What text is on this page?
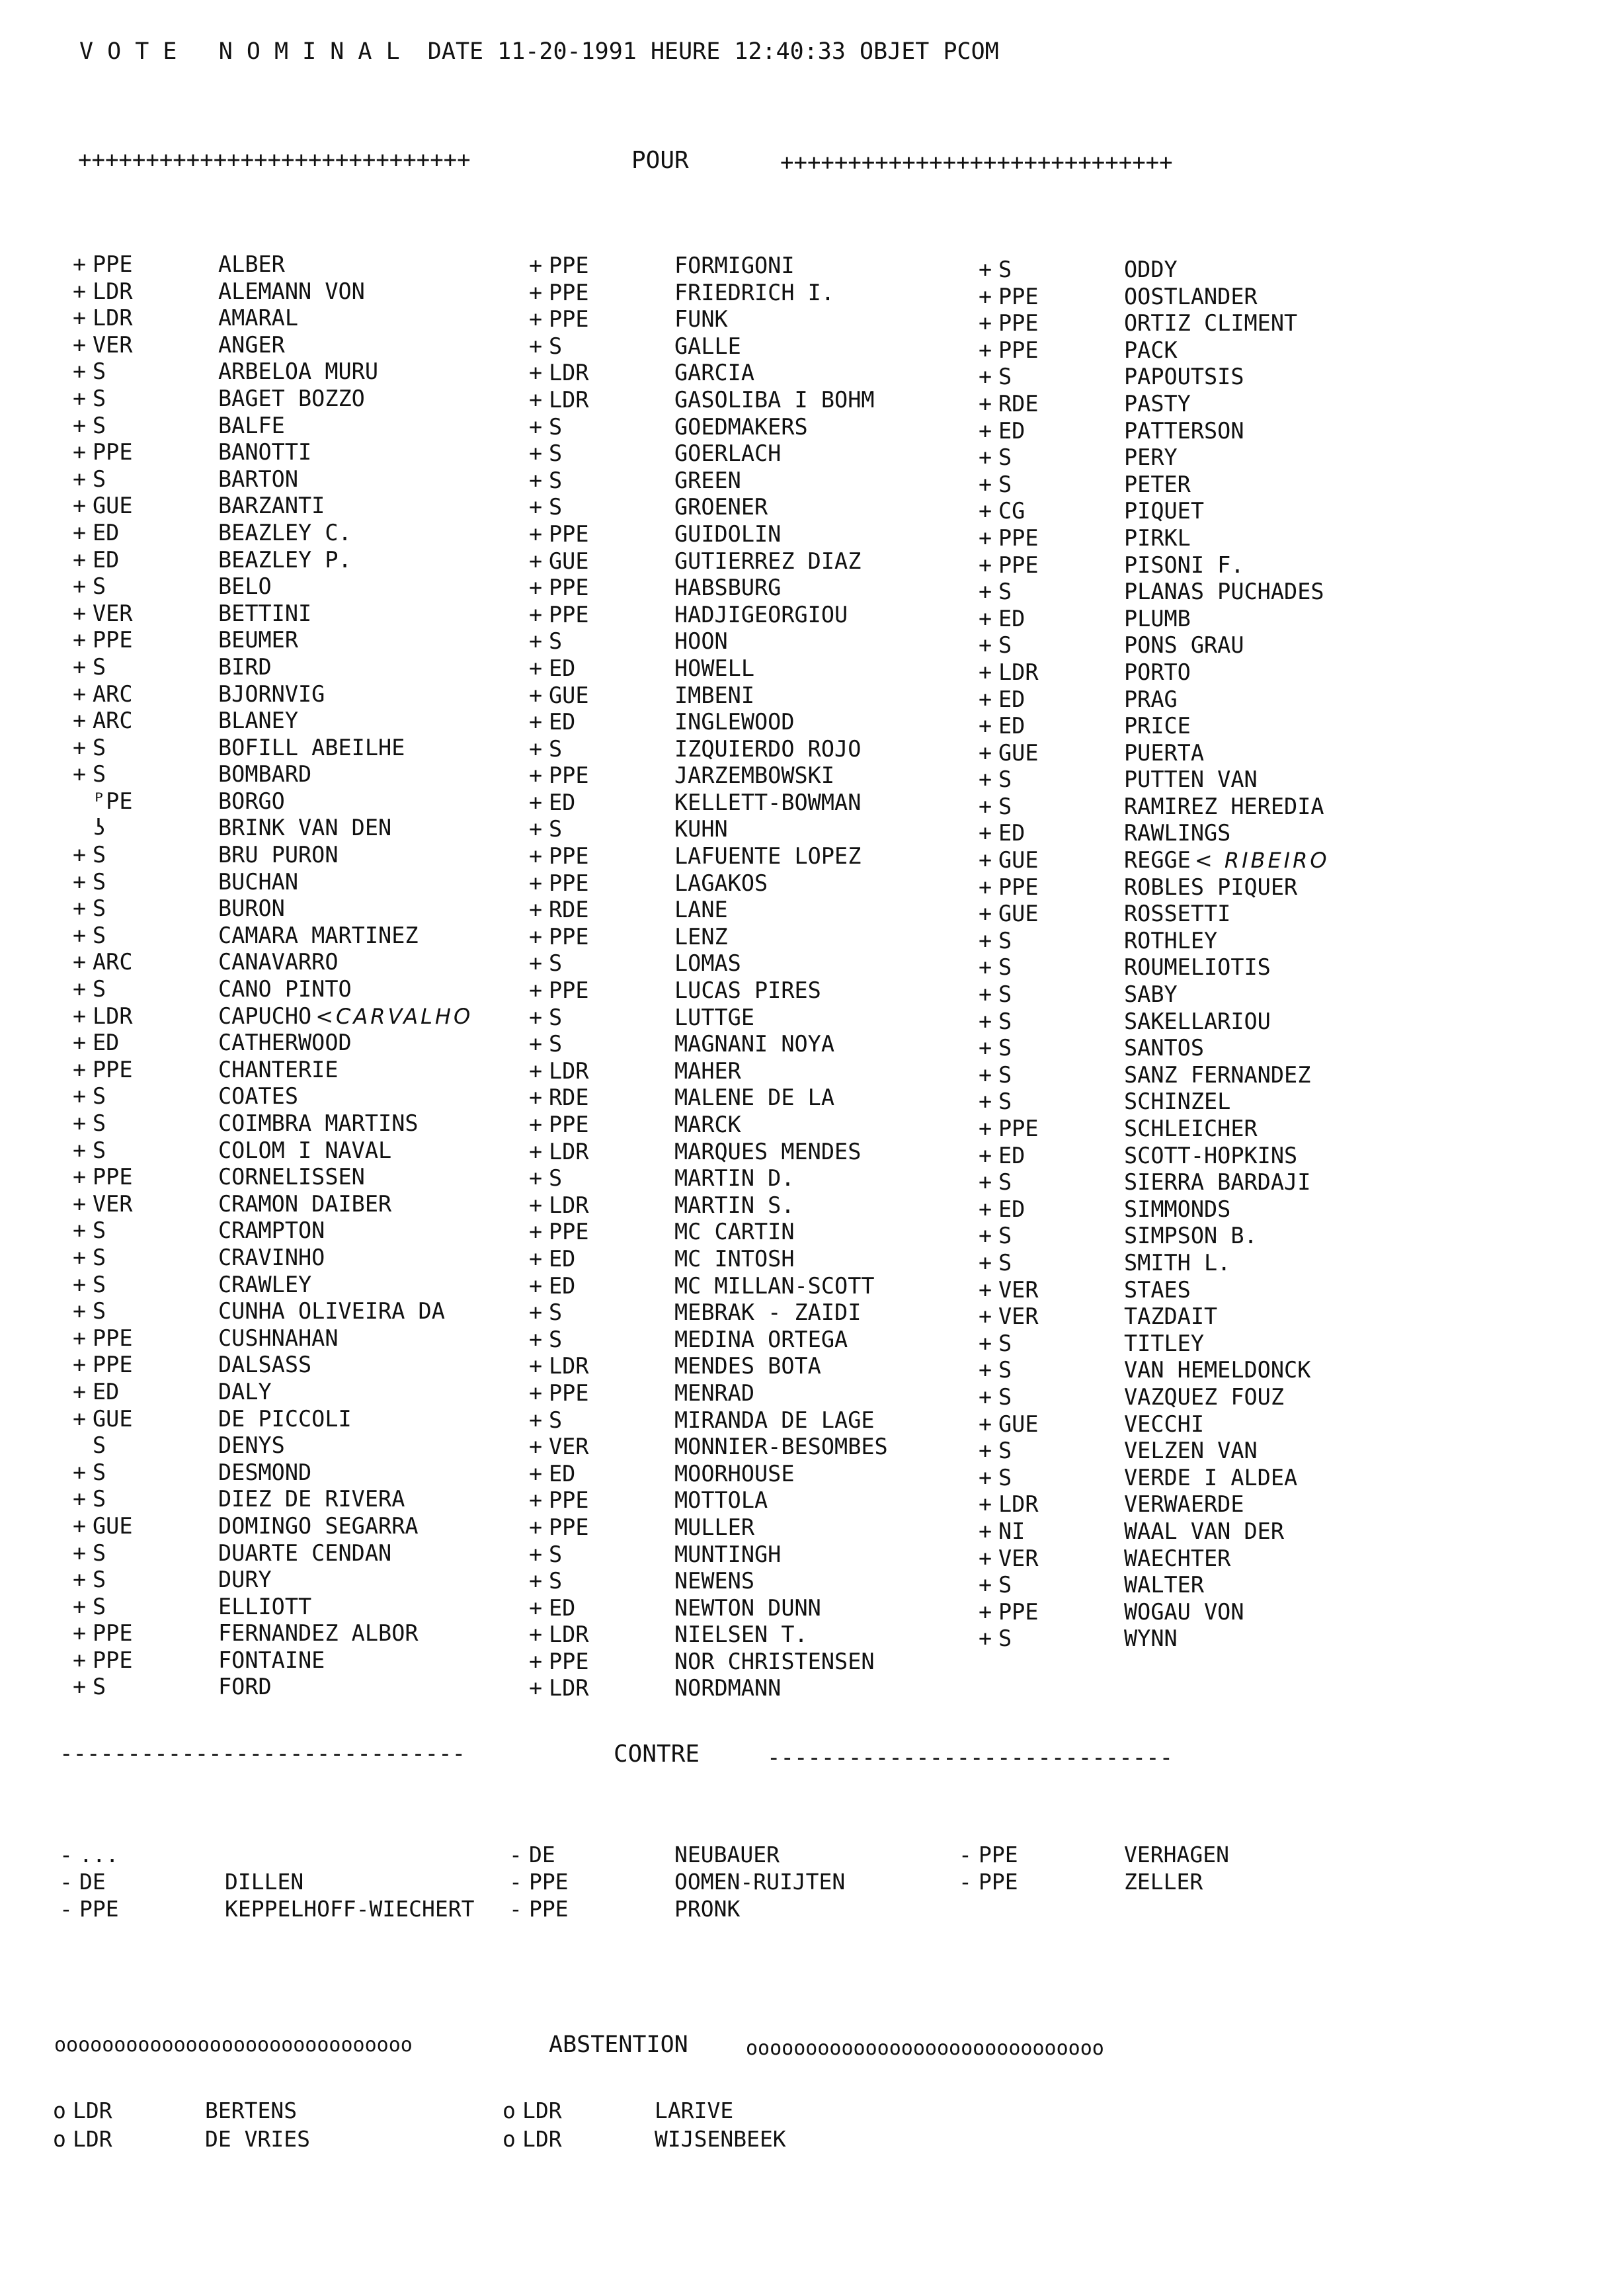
V O T E   N O M I N A L  DATE 11-20-1991 HEURE 12:40:33 OBJET PCOM
+++++++++++++++++++++++++++++	POUR	+++++++++++++++++++++++++++++
+ PPE	ALBER
+ LDR	ALEMANN VON
+ LDR	AMARAL
+ VER	ANGER
+ S	ARBELOA MURU
+ S	BAGET BOZZO
+ S	BALFE
+ PPE	BANOTTI
+ S	BARTON
+ GUE	BARZANTI
+ ED	BEAZLEY C.
+ ED	BEAZLEY P.
+ S	BELO
+ VER	BETTINI
+ PPE	BEUMER
+ S	BIRD
+ ARC	BJORNVIG
+ ARC	BLANEY
+ S	BOFILL ABEILHE
+ S	BOMBARD
ᴾPE	BORGO
ʖ	BRINK VAN DEN
+ S	BRU PURON
+ S	BUCHAN
+ S	BURON
+ S	CAMARA MARTINEZ
+ ARC	CANAVARRO
+ S	CANO PINTO
+ LDR	CAPUCHO <CARVALHO
+ ED	CATHERWOOD
+ PPE	CHANTERIE
+ S	COATES
+ S	COIMBRA MARTINS
+ S	COLOM I NAVAL
+ PPE	CORNELISSEN
+ VER	CRAMON DAIBER
+ S	CRAMPTON
+ S	CRAVINHO
+ S	CRAWLEY
+ S	CUNHA OLIVEIRA DA
+ PPE	CUSHNAHAN
+ PPE	DALSASS
+ ED	DALY
+ GUE	DE PICCOLI
S	DENYS
+ S	DESMOND
+ S	DIEZ DE RIVERA
+ GUE	DOMINGO SEGARRA
+ S	DUARTE CENDAN
+ S	DURY
+ S	ELLIOTT
+ PPE	FERNANDEZ ALBOR
+ PPE	FONTAINE
+ S	FORD
+ PPE	FORMIGONI
+ PPE	FRIEDRICH I.
+ PPE	FUNK
+ S	GALLE
+ LDR	GARCIA
+ LDR	GASOLIBA I BOHM
+ S	GOEDMAKERS
+ S	GOERLACH
+ S	GREEN
+ S	GROENER
+ PPE	GUIDOLIN
+ GUE	GUTIERREZ DIAZ
+ PPE	HABSBURG
+ PPE	HADJIGEORGIOU
+ S	HOON
+ ED	HOWELL
+ GUE	IMBENI
+ ED	INGLEWOOD
+ S	IZQUIERDO ROJO
+ PPE	JARZEMBOWSKI
+ ED	KELLETT-BOWMAN
+ S	KUHN
+ PPE	LAFUENTE LOPEZ
+ PPE	LAGAKOS
+ RDE	LANE
+ PPE	LENZ
+ S	LOMAS
+ PPE	LUCAS PIRES
+ S	LUTTGE
+ S	MAGNANI NOYA
+ LDR	MAHER
+ RDE	MALENE DE LA
+ PPE	MARCK
+ LDR	MARQUES MENDES
+ S	MARTIN D.
+ LDR	MARTIN S.
+ PPE	MC CARTIN
+ ED	MC INTOSH
+ ED	MC MILLAN-SCOTT
+ S	MEBRAK - ZAIDI
+ S	MEDINA ORTEGA
+ LDR	MENDES BOTA
+ PPE	MENRAD
+ S	MIRANDA DE LAGE
+ VER	MONNIER-BESOMBES
+ ED	MOORHOUSE
+ PPE	MOTTOLA
+ PPE	MULLER
+ S	MUNTINGH
+ S	NEWENS
+ ED	NEWTON DUNN
+ LDR	NIELSEN T.
+ PPE	NOR CHRISTENSEN
+ LDR	NORDMANN
+ S	ODDY
+ PPE	OOSTLANDER
+ PPE	ORTIZ CLIMENT
+ PPE	PACK
+ S	PAPOUTSIS
+ RDE	PASTY
+ ED	PATTERSON
+ S	PERY
+ S	PETER
+ CG	PIQUET
+ PPE	PIRKL
+ PPE	PISONI F.
+ S	PLANAS PUCHADES
+ ED	PLUMB
+ S	PONS GRAU
+ LDR	PORTO
+ ED	PRAG
+ ED	PRICE
+ GUE	PUERTA
+ S	PUTTEN VAN
+ S	RAMIREZ HEREDIA
+ ED	RAWLINGS
+ GUE	REGGE < RIBEIRO
+ PPE	ROBLES PIQUER
+ GUE	ROSSETTI
+ S	ROTHLEY
+ S	ROUMELIOTIS
+ S	SABY
+ S	SAKELLARIOU
+ S	SANTOS
+ S	SANZ FERNANDEZ
+ S	SCHINZEL
+ PPE	SCHLEICHER
+ ED	SCOTT-HOPKINS
+ S	SIERRA BARDAJI
+ ED	SIMMONDS
+ S	SIMPSON B.
+ S	SMITH L.
+ VER	STAES
+ VER	TAZDAIT
+ S	TITLEY
+ S	VAN HEMELDONCK
+ S	VAZQUEZ FOUZ
+ GUE	VECCHI
+ S	VELZEN VAN
+ S	VERDE I ALDEA
+ LDR	VERWAERDE
+ NI	WAAL VAN DER
+ VER	WAECHTER
+ S	WALTER
+ PPE	WOGAU VON
+ S	WYNN
------------------------------	CONTRE	------------------------------
- ...
- DE	DILLEN
- PPE	KEPPELHOFF-WIECHERT
- DE	NEUBAUER
- PPE	OOMEN-RUIJTEN
- PPE	PRONK
- PPE	VERHAGEN
- PPE	ZELLER
oooooooooooooooooooooooooooooo	ABSTENTION	oooooooooooooooooooooooooooooo
o LDR	BERTENS
o LDR	DE VRIES
o LDR	LARIVE
o LDR	WIJSENBEEK
